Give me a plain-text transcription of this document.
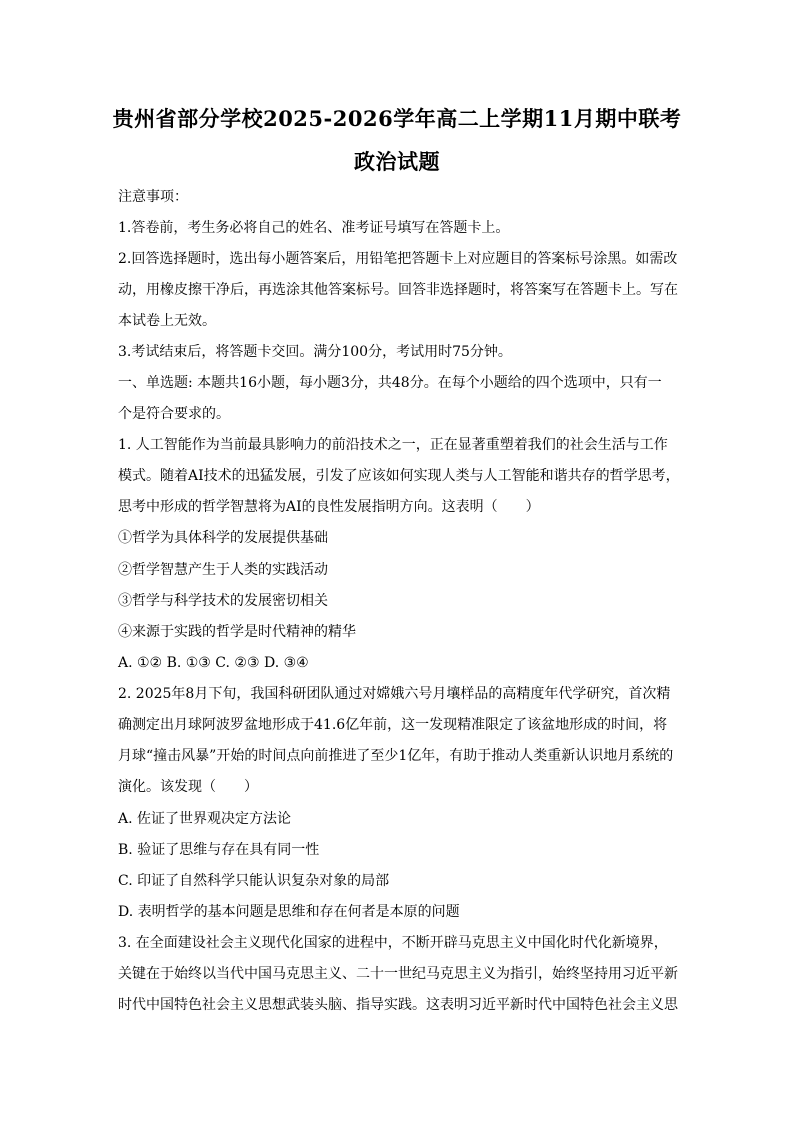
贵州省部分学校2025-2026学年高二上学期11月期中联考
政治试题
注意事项：
1.答卷前，考生务必将自己的姓名、准考证号填写在答题卡上。
2.回答选择题时，选出每小题答案后，用铅笔把答题卡上对应题目的答案标号涂黑。如需改
动，用橡皮擦干净后，再选涂其他答案标号。回答非选择题时，将答案写在答题卡上。写在
本试卷上无效。
3.考试结束后，将答题卡交回。满分100分，考试用时75分钟。
一、单选题: 本题共16小题，每小题3分，共48分。在每个小题给的四个选项中，只有一
个是符合要求的。
1. 人工智能作为当前最具影响力的前沿技术之一，正在显著重塑着我们的社会生活与工作
模式。随着AI技术的迅猛发展，引发了应该如何实现人类与人工智能和谐共存的哲学思考，
思考中形成的哲学智慧将为AI的良性发展指明方向。这表明（　　）
①哲学为具体科学的发展提供基础
②哲学智慧产生于人类的实践活动
③哲学与科学技术的发展密切相关
④来源于实践的哲学是时代精神的精华
A. ①② B. ①③ C. ②③ D. ③④
2. 2025年8月下旬，我国科研团队通过对嫦娥六号月壤样品的高精度年代学研究，首次精
确测定出月球阿波罗盆地形成于41.6亿年前，这一发现精准限定了该盆地形成的时间，将
月球“撞击风暴”开始的时间点向前推进了至少1亿年，有助于推动人类重新认识地月系统的
演化。该发现（　　）
A. 佐证了世界观决定方法论
B. 验证了思维与存在具有同一性
C. 印证了自然科学只能认识复杂对象的局部
D. 表明哲学的基本问题是思维和存在何者是本原的问题
3. 在全面建设社会主义现代化国家的进程中，不断开辟马克思主义中国化时代化新境界，
关键在于始终以当代中国马克思主义、二十一世纪马克思主义为指引，始终坚持用习近平新
时代中国特色社会主义思想武装头脑、指导实践。这表明习近平新时代中国特色社会主义思
